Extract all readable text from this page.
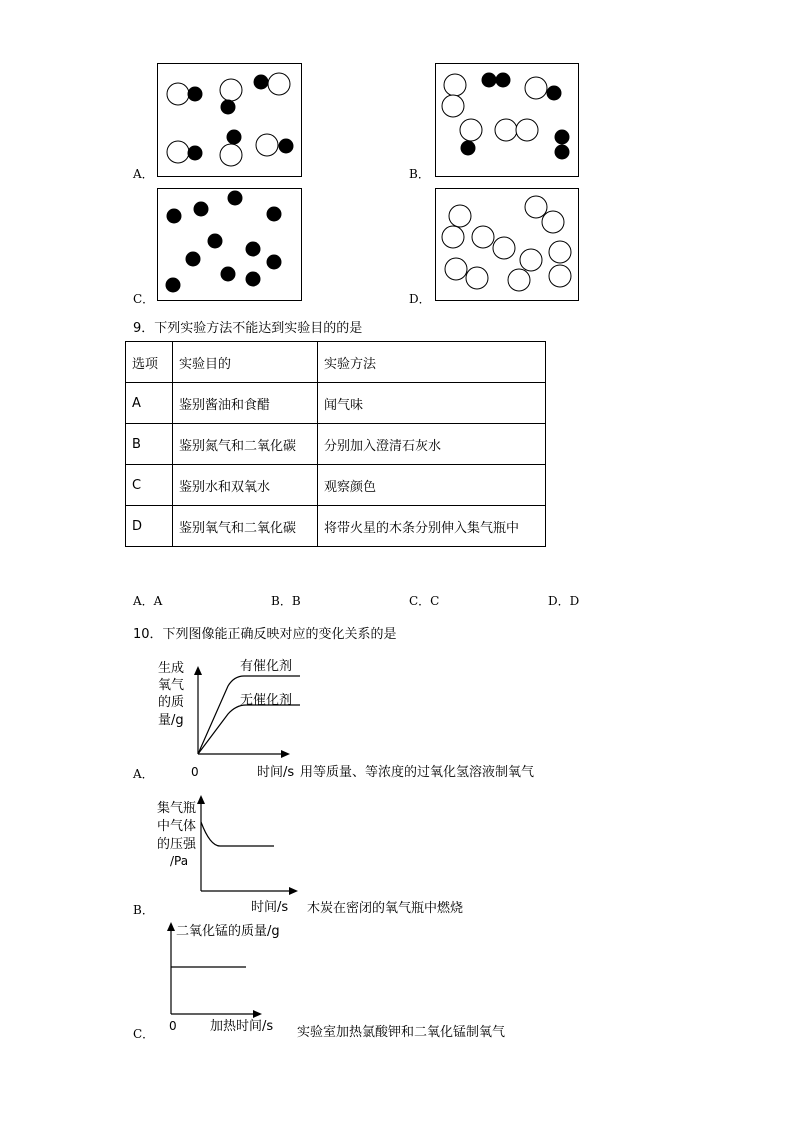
A．	B．
C．	D．
9．下列实验方法不能达到实验目的的是
选项	实验目的	实验方法
A	鉴别酱油和食醋	闻气味
B	鉴别氮气和二氧化碳	分别加入澄清石灰水
C	鉴别水和双氧水	观察颜色
D	鉴别氧气和二氧化碳	将带火星的木条分别伸入集气瓶中
A．A	B．B	C．C	D．D
10．下列图像能正确反映对应的变化关系的是
生成
氧气
的质
量/g
有催化剂
无催化剂
0	时间/s 用等质量、等浓度的过氧化氢溶液制氧气
A．
集气瓶
中气体
的压强
/Pa
时间/s 木炭在密闭的氧气瓶中燃烧
B．
二氧化锰的质量/g
0	加热时间/s 实验室加热氯酸钾和二氧化锰制氧气
C．
